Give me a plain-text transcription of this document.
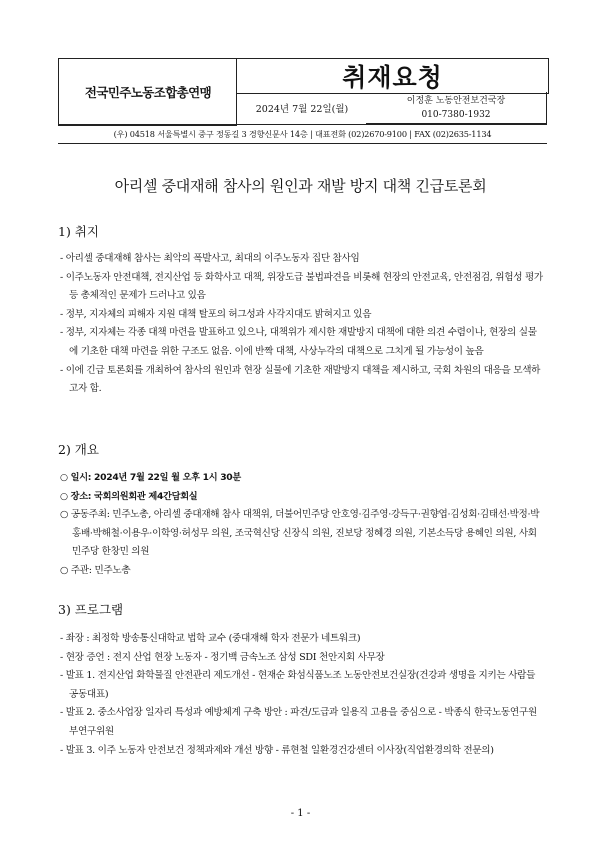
전국민주노동조합총연맹
취재요청
2024년 7월 22일(월)
이정훈 노동안전보건국장
010-7380-1932
(우) 04518 서울특별시 중구 정동길 3 경향신문사 14층 | 대표전화 (02)2670-9100 | FAX (02)2635-1134
아리셀 중대재해 참사의 원인과 재발 방지 대책 긴급토론회
1) 취지
- 아리셀 중대재해 참사는 최악의 폭발사고, 최대의 이주노동자 집단 참사임
- 이주노동자 안전대책, 전지산업 등 화학사고 대책, 위장도급 불법파견을 비롯해 현장의 안전교육, 안전점검, 위험성 평가 등 총체적인 문제가 드러나고 있음
- 정부, 지자체의 피해자 지원 대책 탈포의 허그성과 사각지대도 밝혀지고 있음
- 정부, 지자체는 각종 대책 마련을 발표하고 있으나, 대책위가 제시한 재발방지 대책에 대한 의견 수렴이나, 현장의 실물에 기초한 대책 마련을 위한 구조도 없음. 이에 반짝 대책, 사상누각의 대책으로 그치게 될 가능성이 높음
- 이에 긴급 토론회를 개최하여 참사의 원인과 현장 실물에 기초한 재발방지 대책을 제시하고, 국회 차원의 대응을 모색하고자 함.
2) 개요
○ 일시: 2024년 7월 22일 월 오후 1시 30분
○ 장소: 국회의원회관 제4간담회실
○ 공동주최: 민주노총, 아리셀 중대재해 참사 대책위, 더불어민주당 안호영·김주영·강득구·권향엽·김성회·김태선·박정·박홍배·박해철·이용우·이학영·허성무 의원, 조국혁신당 신장식 의원, 진보당 정혜경 의원, 기본소득당 용혜인 의원, 사회민주당 한창민 의원
○ 주관: 민주노총
3) 프로그램
- 좌장 : 최정학 방송통신대학교 법학 교수 (중대재해 학자 전문가 네트워크)
- 현장 증언 : 전지 산업 현장 노동자 - 정기백 금속노조 삼성 SDI 천안지회 사무장
- 발표 1. 전지산업 화학물질 안전관리 제도개선 - 현재순 화섬식품노조 노동안전보건실장(건강과 생명을 지키는 사람들 공동대표)
- 발표 2. 중소사업장 일자리 특성과 예방체계 구축 방안 : 파견/도급과 일용직 고용을 중심으로 - 박종식 한국노동연구원 부연구위원
- 발표 3. 이주 노동자 안전보건 정책과제와 개선 방향 - 류현철 일환경건강센터 이사장(직업환경의학 전문의)
- 1 -
